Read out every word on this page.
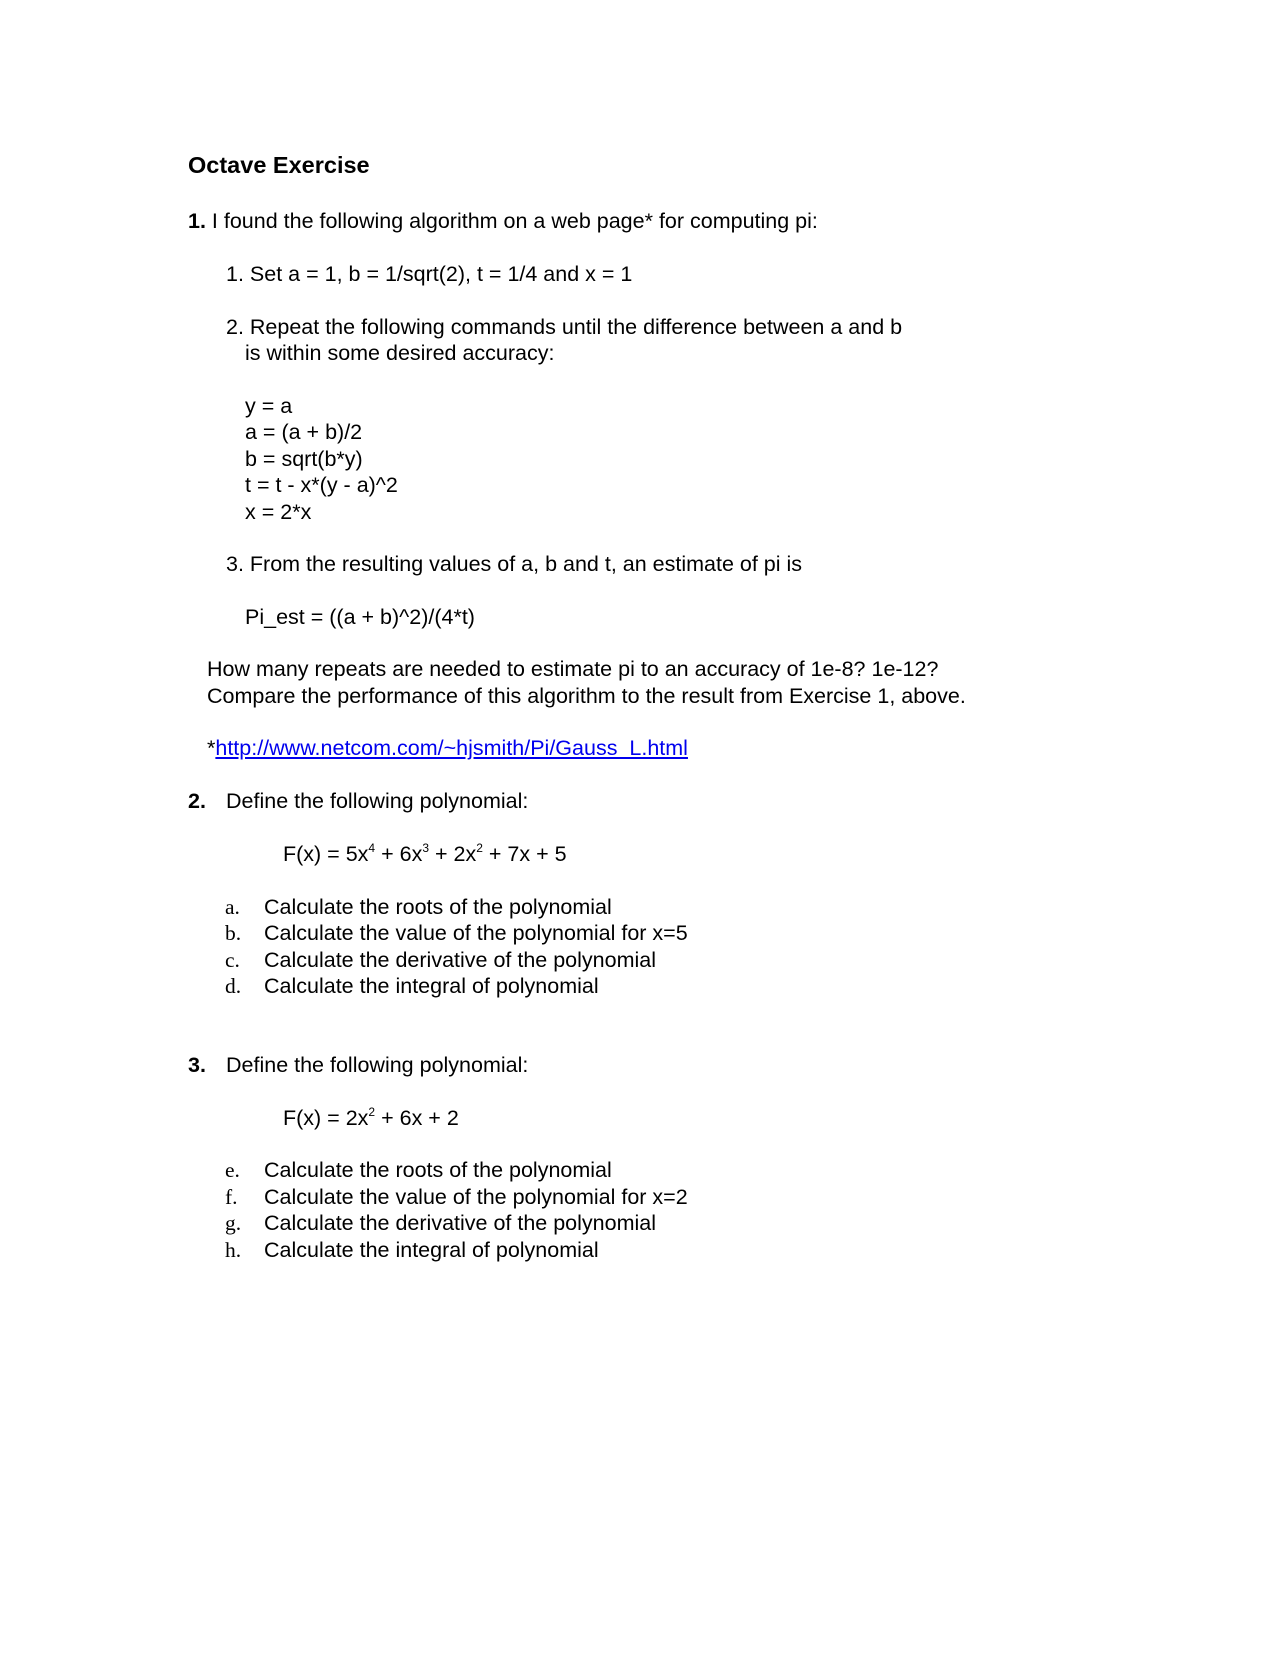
Octave Exercise
1. I found the following algorithm on a web page* for computing pi:
1. Set a = 1, b = 1/sqrt(2), t = 1/4 and x = 1
2. Repeat the following commands until the difference between a and b
is within some desired accuracy:
y = a
a = (a + b)/2
b = sqrt(b*y)
t = t - x*(y - a)^2
x = 2*x
3. From the resulting values of a, b and t, an estimate of pi is
Pi_est = ((a + b)^2)/(4*t)
How many repeats are needed to estimate pi to an accuracy of 1e-8? 1e-12?
Compare the performance of this algorithm to the result from Exercise 1, above.
*http://www.netcom.com/~hjsmith/Pi/Gauss_L.html
2. Define the following polynomial:
$F(x) = 5x^4 + 6x^3 + 2x^2 + 7x + 5$
a. Calculate the roots of the polynomial
b. Calculate the value of the polynomial for x=5
c. Calculate the derivative of the polynomial
d. Calculate the integral of polynomial
3. Define the following polynomial:
$F(x) = 2x^2 + 6x + 2$
e. Calculate the roots of the polynomial
f. Calculate the value of the polynomial for x=2
g. Calculate the derivative of the polynomial
h. Calculate the integral of polynomial
